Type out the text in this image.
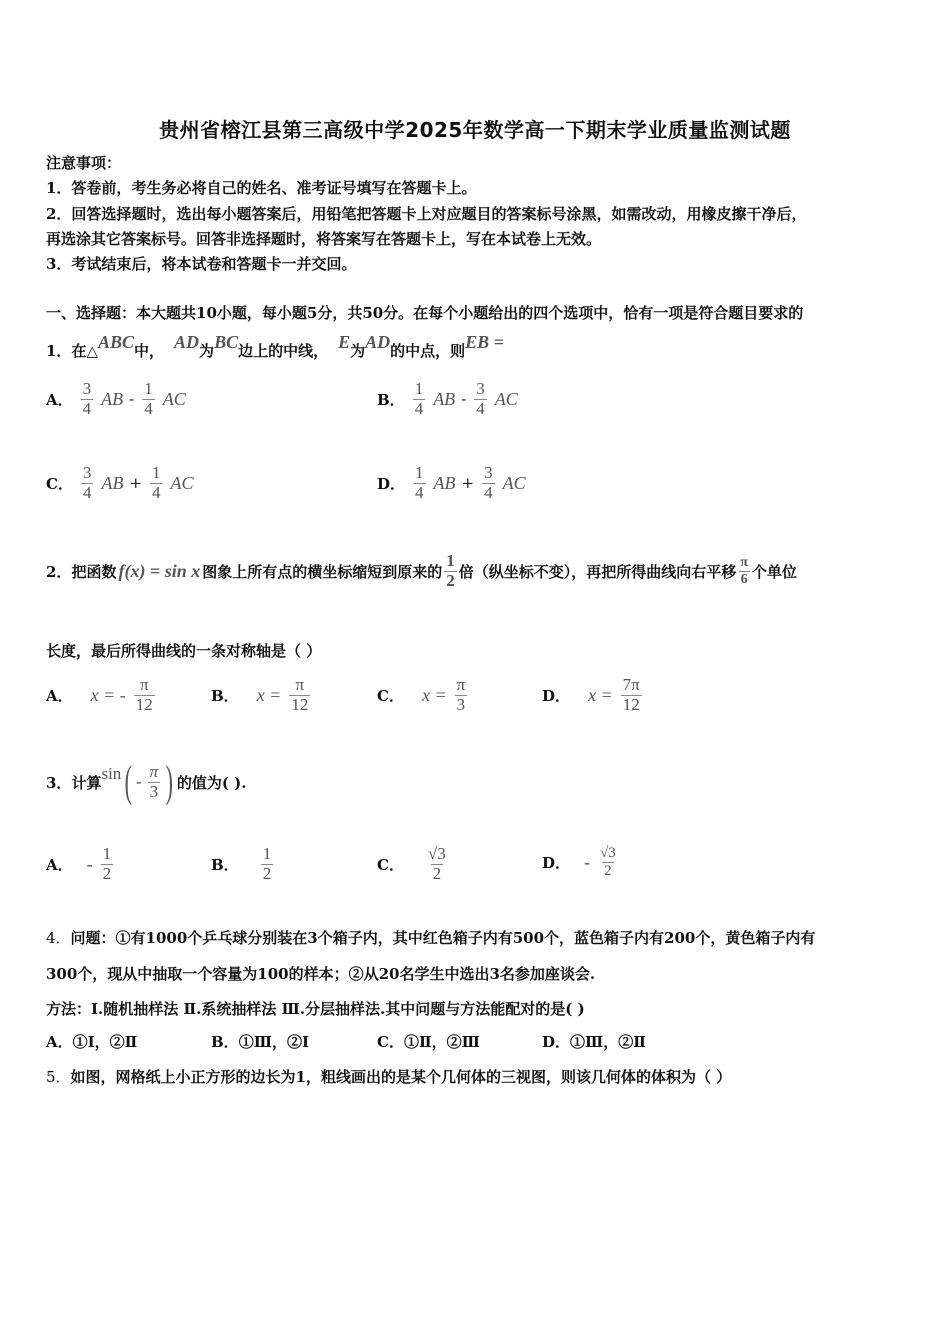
贵州省榕江县第三高级中学2025年数学高一下期末学业质量监测试题
注意事项：
1．答卷前，考生务必将自己的姓名、准考证号填写在答题卡上。
2．回答选择题时，选出每小题答案后，用铅笔把答题卡上对应题目的答案标号涂黑，如需改动，用橡皮擦干净后，
再选涂其它答案标号。回答非选择题时，将答案写在答题卡上，写在本试卷上无效。
3．考试结束后，将本试卷和答题卡一并交回。
一、选择题：本大题共10小题，每小题5分，共50分。在每个小题给出的四个选项中，恰有一项是符合题目要求的
1． 在△ ABC 中， AD 为 BC 边上的中线， E 为 AD 的中点，则 EB =
A． $\frac{3}{4}$ AB - $\frac{1}{4}$ AC	B． $\frac{1}{4}$ AB - $\frac{3}{4}$ AC
C． $\frac{3}{4}$ AB + $\frac{1}{4}$ AC	D． $\frac{1}{4}$ AB + $\frac{3}{4}$ AC
2． 把函数 f(x) = sin x 图象上所有点的横坐标缩短到原来的 $\frac{1}{2}$ 倍（纵坐标不变），再把所得曲线向右平移 $\frac{\pi}{6}$ 个单位
长度，最后所得曲线的一条对称轴是（ ）
A． x = - $\frac{\pi}{12}$	B． $x = \frac{\pi}{12}$	C． $x = \frac{\pi}{3}$	D． $x = \frac{7\pi}{12}$
3． 计算 sin ( - $\frac{\pi}{3}$ ) 的值为( ).
A． - $\frac{1}{2}$	B． $\frac{1}{2}$	C． $\frac{√3}{2}$	D． - $\frac{√3}{2}$
4． 问题：①有1000个乒乓球分别装在3个箱子内，其中红色箱子内有500个，蓝色箱子内有200个，黄色箱子内有
300个，现从中抽取一个容量为100的样本；②从20名学生中选出3名参加座谈会.
方法：Ⅰ.随机抽样法 Ⅱ.系统抽样法 Ⅲ.分层抽样法.其中问题与方法能配对的是( )
A．①Ⅰ，②Ⅱ	B．①Ⅲ，②Ⅰ	C．①Ⅱ，②Ⅲ	D．①Ⅲ，②Ⅱ
5． 如图，网格纸上小正方形的边长为1，粗线画出的是某个几何体的三视图，则该几何体的体积为（ ）
